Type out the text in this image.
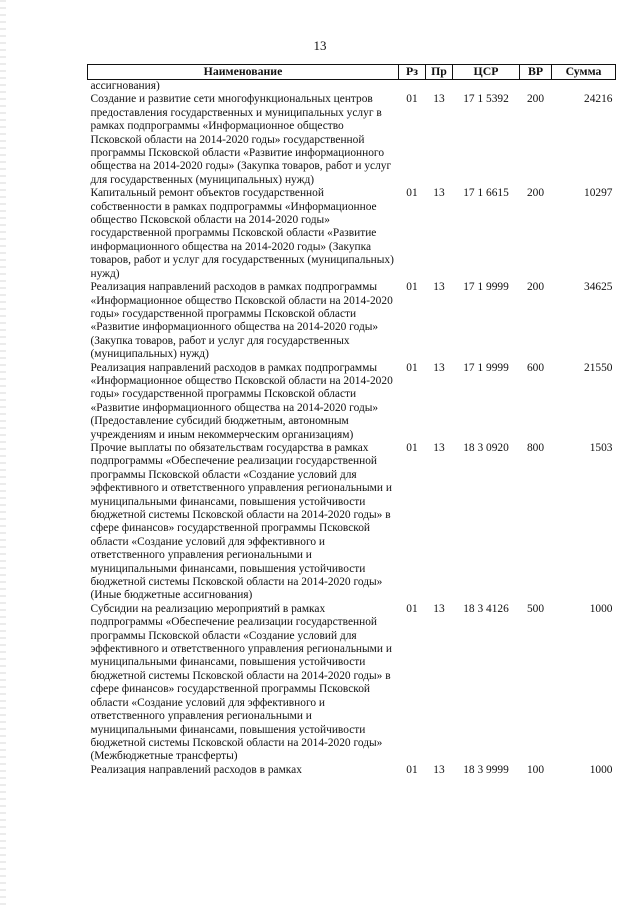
13
Наименование	Рз	Пр	ЦСР	ВР	Сумма
ассигнования)					
Создание и развитие сети многофункциональных центров предоставления государственных и муниципальных услуг в рамках подпрограммы «Информационное общество Псковской области на 2014-2020 годы» государственной программы Псковской области «Развитие информационного общества на 2014-2020 годы» (Закупка товаров, работ и услуг для государственных (муниципальных) нужд)	01	13	17 1 5392	200	24216
Капитальный ремонт объектов государственной собственности в рамках подпрограммы «Информационное общество Псковской области на 2014-2020 годы» государственной программы Псковской области «Развитие информационного общества на 2014-2020 годы» (Закупка товаров, работ и услуг для государственных (муниципальных) нужд)	01	13	17 1 6615	200	10297
Реализация направлений расходов в рамках подпрограммы «Информационное общество Псковской области на 2014-2020 годы» государственной программы Псковской области «Развитие информационного общества на 2014-2020 годы» (Закупка товаров, работ и услуг для государственных (муниципальных) нужд)	01	13	17 1 9999	200	34625
Реализация направлений расходов в рамках подпрограммы «Информационное общество Псковской области на 2014-2020 годы» государственной программы Псковской области «Развитие информационного общества на 2014-2020 годы» (Предоставление субсидий бюджетным, автономным учреждениям и иным некоммерческим организациям)	01	13	17 1 9999	600	21550
Прочие выплаты по обязательствам государства в рамках подпрограммы «Обеспечение реализации государственной программы Псковской области «Создание условий для эффективного и ответственного управления региональными и муниципальными финансами, повышения устойчивости бюджетной системы Псковской области на 2014-2020 годы» в сфере финансов» государственной программы Псковской области «Создание условий для эффективного и ответственного управления региональными и муниципальными финансами, повышения устойчивости бюджетной системы Псковской области на 2014-2020 годы» (Иные бюджетные ассигнования)	01	13	18 3 0920	800	1503
Субсидии на реализацию мероприятий в рамках подпрограммы «Обеспечение реализации государственной программы Псковской области «Создание условий для эффективного и ответственного управления региональными и муниципальными финансами, повышения устойчивости бюджетной системы Псковской области на 2014-2020 годы» в сфере финансов» государственной программы Псковской области «Создание условий для эффективного и ответственного управления региональными и муниципальными финансами, повышения устойчивости бюджетной системы Псковской области на 2014-2020 годы» (Межбюджетные трансферты)	01	13	18 3 4126	500	1000
Реализация направлений расходов в рамках	01	13	18 3 9999	100	1000
